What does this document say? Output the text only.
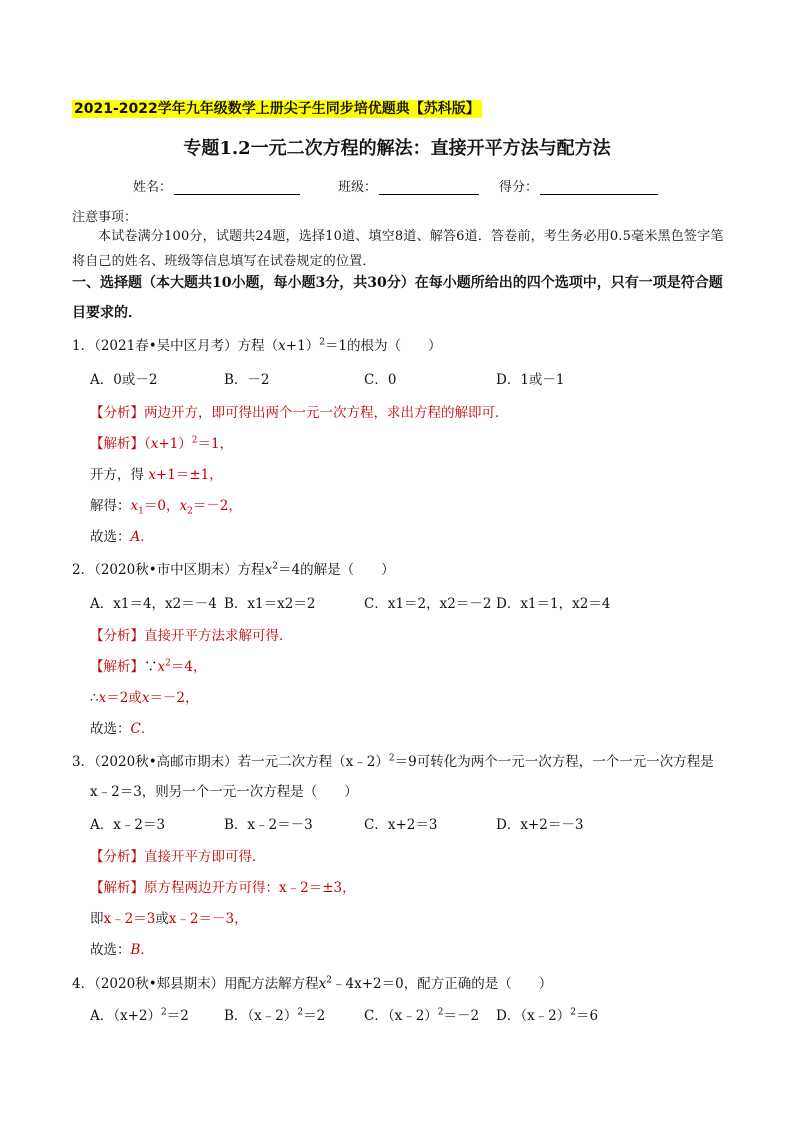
2021-2022学年九年级数学上册尖子生同步培优题典【苏科版】
专题1.2一元二次方程的解法：直接开平方法与配方法
姓名：	班级：	得分：
注意事项：
本试卷满分100分，试题共24题，选择10道、填空8道、解答6道．答卷前，考生务必用0.5毫米黑色签字笔将自己的姓名、班级等信息填写在试卷规定的位置．
一、选择题（本大题共10小题，每小题3分，共30分）在每小题所给出的四个选项中，只有一项是符合题目要求的．
1．（2021春•吴中区月考）方程$(x+1)^2=1$的根为（　　）
A．0或－2	B．－2	C．0	D．1或－1
【分析】两边开方，即可得出两个一元一次方程，求出方程的解即可．
【解析】$(x+1)^2=1$，
开方，得 x+1＝±1，
解得：$x_1=0$，$x_2=-2$，
故选：A．
2．（2020秋•市中区期末）方程$x^2=4$的解是（　　）
A．x1＝4，x2＝－4 B．x1＝x2＝2	C．x1＝2，x2＝－2 D．x1＝1，x2＝4
【分析】直接开平方法求解可得．
【解析】$\because x^2=4$，
∴x＝2或x＝－2，
故选：C．
3．（2020秋•高邮市期末）若一元二次方程（x﹣2）$^2$＝9可转化为两个一元一次方程，一个一元一次方程是
x﹣2＝3，则另一个一元一次方程是（　　）
A．x﹣2＝3	B．x﹣2＝－3	C．x+2＝3	D．x+2＝－3
【分析】直接开平方即可得．
【解析】原方程两边开方可得：x﹣2＝±3，
即x﹣2＝3或x﹣2＝－3，
故选：B．
4．（2020秋•郏县期末）用配方法解方程$x^2﹣4x+2=0$，配方正确的是（　　）
A．$(x+2)^2=2$	B．（x﹣2）$^2$＝2	C．（x﹣2）$^2$＝－2 D．（x﹣2）$^2$＝6
